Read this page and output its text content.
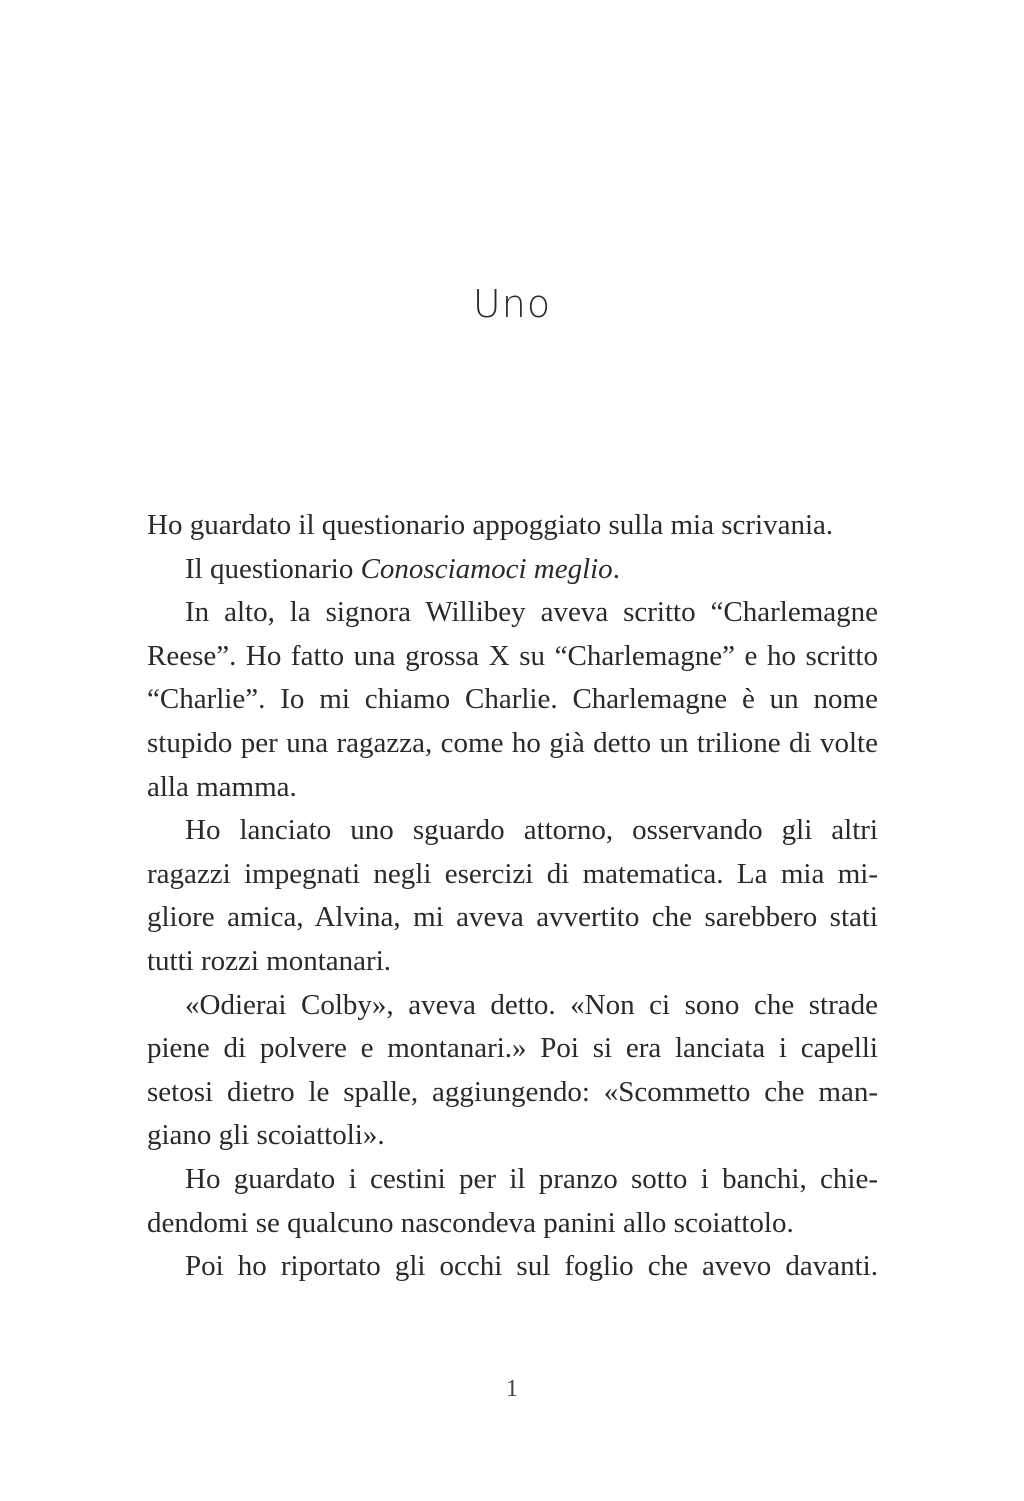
Uno

Ho guardato il questionario appoggiato sulla mia scrivania.

Il questionario Conosciamoci meglio.

In alto, la signora Willibey aveva scritto “Charlemagne Reese”. Ho fatto una grossa X su “Charlemagne” e ho scritto “Charlie”. Io mi chiamo Charlie. Charlemagne è un nome stupido per una ragazza, come ho già detto un trilione di volte alla mamma.

Ho lanciato uno sguardo attorno, osservando gli altri ragazzi impegnati negli esercizi di matematica. La mia migliore amica, Alvina, mi aveva avvertito che sarebbero stati tutti rozzi montanari.

«Odierai Colby», aveva detto. «Non ci sono che strade piene di polvere e montanari.» Poi si era lanciata i capelli setosi dietro le spalle, aggiungendo: «Scommetto che mangiano gli scoiattoli».

Ho guardato i cestini per il pranzo sotto i banchi, chiedendomi se qualcuno nascondeva panini allo scoiattolo.

Poi ho riportato gli occhi sul foglio che avevo davanti.

1
